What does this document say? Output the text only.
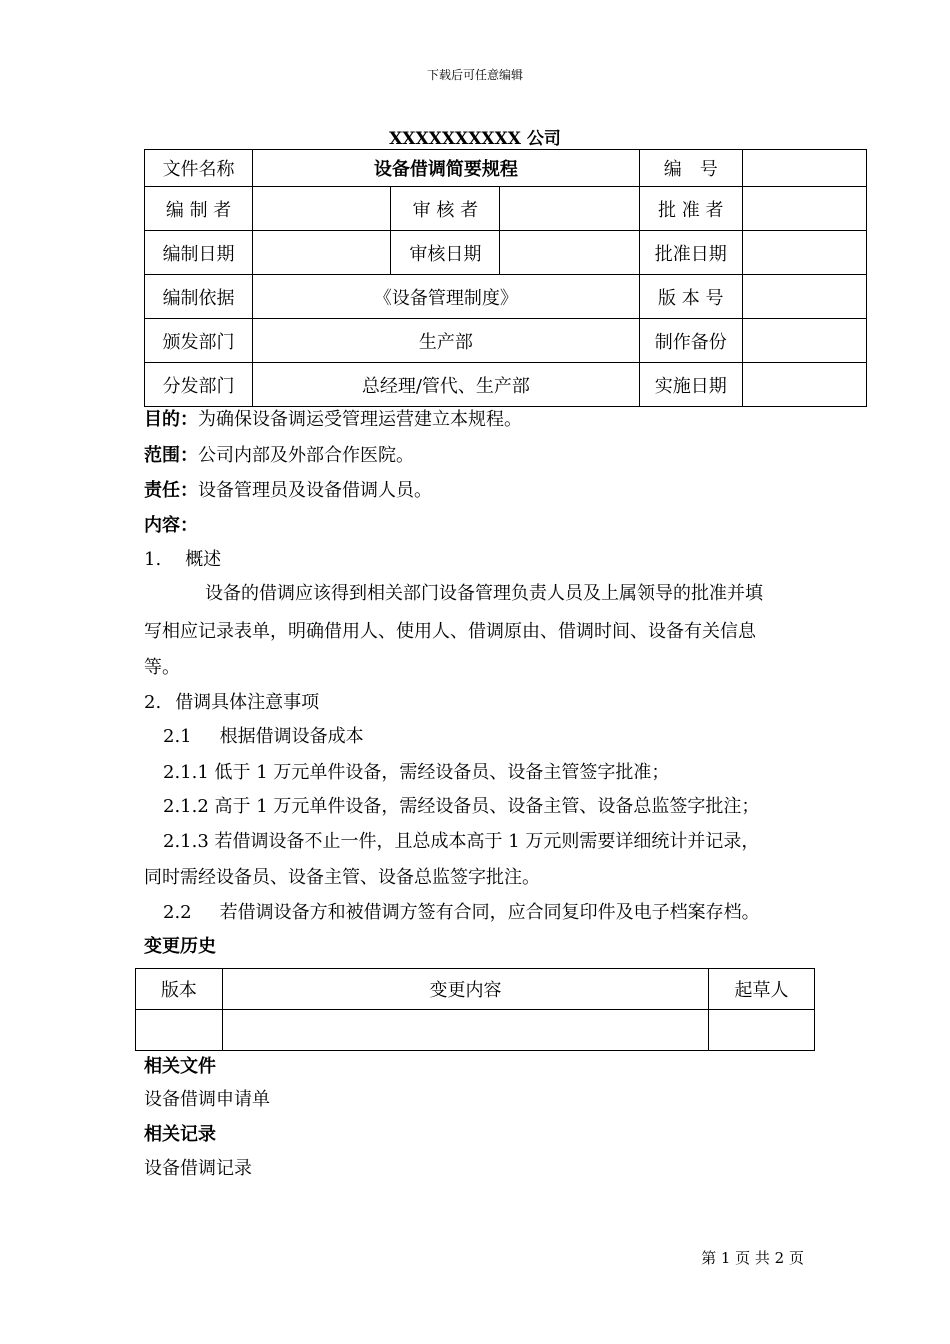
下载后可任意编辑
XXXXXXXXXX 公司
文件名称	设备借调简要规程			编　号	
编 制 者		审 核 者		批 准 者	
编制日期		审核日期		批准日期	
编制依据	《设备管理制度》			版 本 号	
颁发部门	生产部			制作备份	
分发部门	总经理/管代、生产部			实施日期	
目的：为确保设备调运受管理运营建立本规程。
范围：公司内部及外部合作医院。
责任：设备管理员及设备借调人员。
内容：
1. 概述
设备的借调应该得到相关部门设备管理负责人员及上属领导的批准并填
写相应记录表单，明确借用人、使用人、借调原由、借调时间、设备有关信息
等。
2. 借调具体注意事项
2.1 根据借调设备成本
2.1.1 低于 1 万元单件设备，需经设备员、设备主管签字批准；
2.1.2 高于 1 万元单件设备，需经设备员、设备主管、设备总监签字批注；
2.1.3 若借调设备不止一件，且总成本高于 1 万元则需要详细统计并记录，
同时需经设备员、设备主管、设备总监签字批注。
2.2 若借调设备方和被借调方签有合同，应合同复印件及电子档案存档。
变更历史
版本	变更内容	起草人

相关文件
设备借调申请单
相关记录
设备借调记录
第 1 页 共 2 页
